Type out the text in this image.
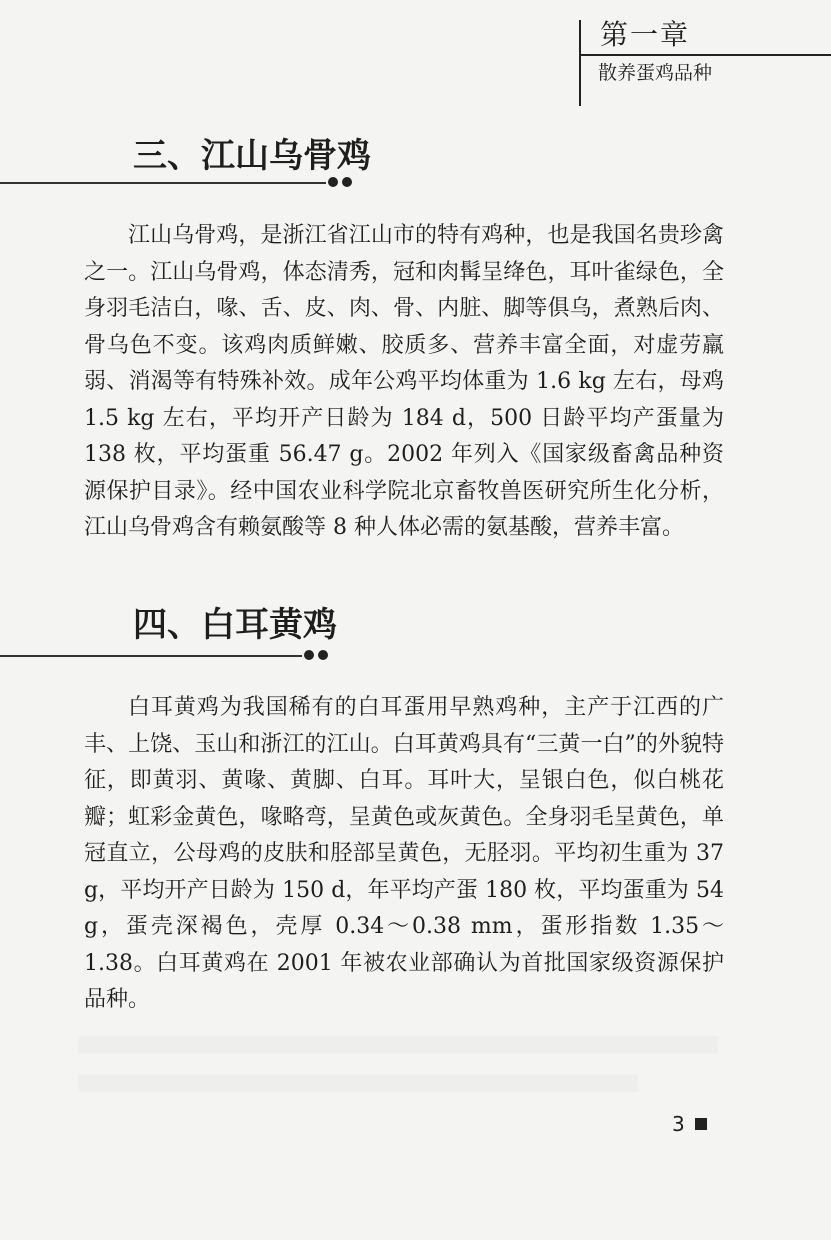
第一章
散养蛋鸡品种
三、江山乌骨鸡

江山乌骨鸡，是浙江省江山市的特有鸡种，也是我国名贵珍禽之一。江山乌骨鸡，体态清秀，冠和肉髯呈绛色，耳叶雀绿色，全身羽毛洁白，喙、舌、皮、肉、骨、内脏、脚等俱乌，煮熟后肉、骨乌色不变。该鸡肉质鲜嫩、胶质多、营养丰富全面，对虚劳羸弱、消渴等有特殊补效。成年公鸡平均体重为 1.6 kg 左右，母鸡 1.5 kg 左右，平均开产日龄为 184 d，500 日龄平均产蛋量为 138 枚，平均蛋重 56.47 g。2002 年列入《国家级畜禽品种资源保护目录》。经中国农业科学院北京畜牧兽医研究所生化分析，江山乌骨鸡含有赖氨酸等 8 种人体必需的氨基酸，营养丰富。

四、白耳黄鸡

白耳黄鸡为我国稀有的白耳蛋用早熟鸡种，主产于江西的广丰、上饶、玉山和浙江的江山。白耳黄鸡具有“三黄一白”的外貌特征，即黄羽、黄喙、黄脚、白耳。耳叶大，呈银白色，似白桃花瓣；虹彩金黄色，喙略弯，呈黄色或灰黄色。全身羽毛呈黄色，单冠直立，公母鸡的皮肤和胫部呈黄色，无胫羽。平均初生重为 37 g，平均开产日龄为 150 d，年平均产蛋 180 枚，平均蛋重为 54 g，蛋壳深褐色，壳厚 0.34～0.38 mm，蛋形指数 1.35～1.38。白耳黄鸡在 2001 年被农业部确认为首批国家级资源保护品种。

3
